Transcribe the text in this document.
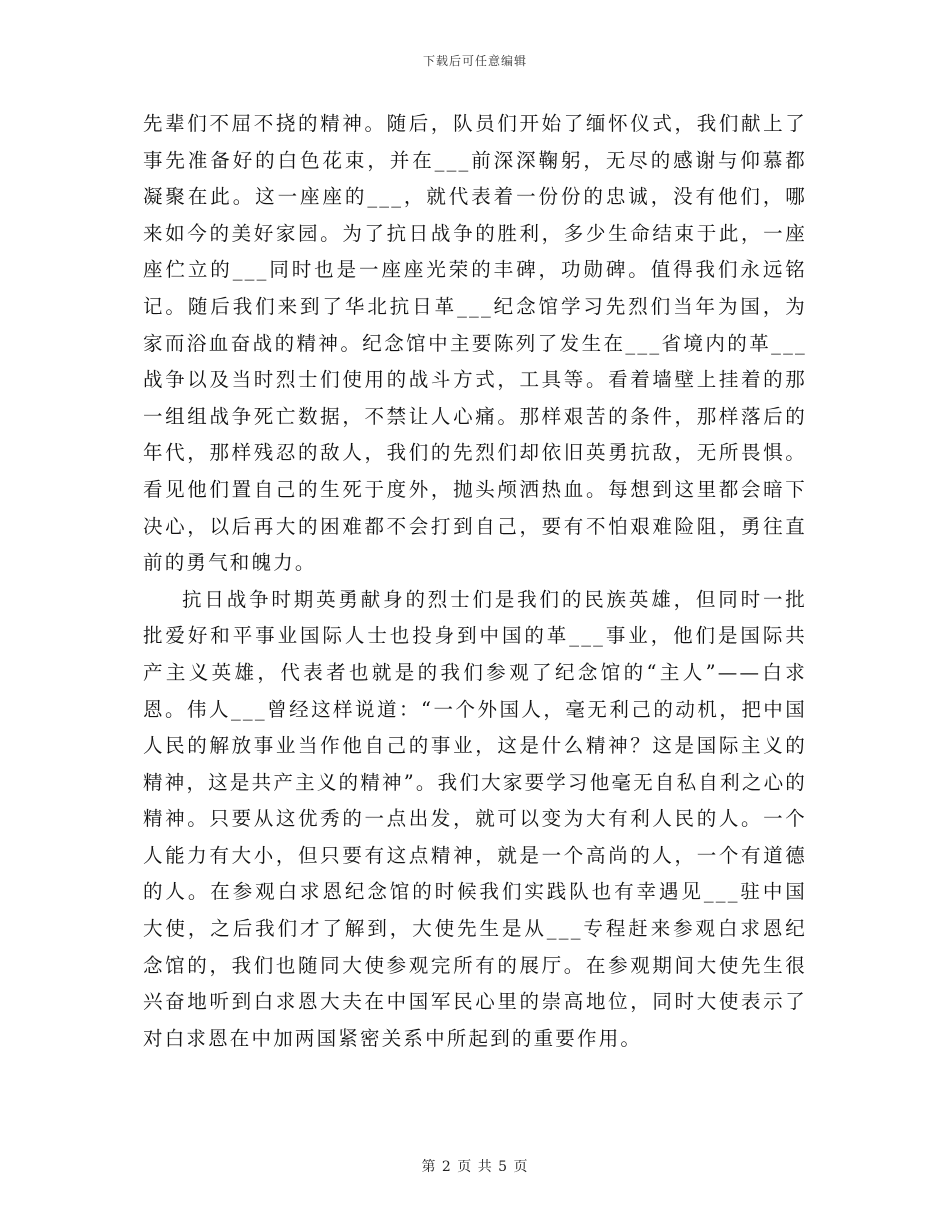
下载后可任意编辑

先辈们不屈不挠的精神。随后，队员们开始了缅怀仪式，我们献上了事先准备好的白色花束，并在___前深深鞠躬，无尽的感谢与仰慕都凝聚在此。这一座座的___，就代表着一份份的忠诚，没有他们，哪来如今的美好家园。为了抗日战争的胜利，多少生命结束于此，一座座伫立的___同时也是一座座光荣的丰碑，功勋碑。值得我们永远铭记。随后我们来到了华北抗日革___纪念馆学习先烈们当年为国，为家而浴血奋战的精神。纪念馆中主要陈列了发生在___省境内的革___战争以及当时烈士们使用的战斗方式，工具等。看着墙壁上挂着的那一组组战争死亡数据，不禁让人心痛。那样艰苦的条件，那样落后的年代，那样残忍的敌人，我们的先烈们却依旧英勇抗敌，无所畏惧。看见他们置自己的生死于度外，抛头颅洒热血。每想到这里都会暗下决心，以后再大的困难都不会打到自己，要有不怕艰难险阻，勇往直前的勇气和魄力。

抗日战争时期英勇献身的烈士们是我们的民族英雄，但同时一批批爱好和平事业国际人士也投身到中国的革___事业，他们是国际共产主义英雄，代表者也就是的我们参观了纪念馆的“主人”——白求恩。伟人___曾经这样说道：“一个外国人，毫无利己的动机，把中国人民的解放事业当作他自己的事业，这是什么精神？这是国际主义的精神，这是共产主义的精神”。我们大家要学习他毫无自私自利之心的精神。只要从这优秀的一点出发，就可以变为大有利人民的人。一个人能力有大小，但只要有这点精神，就是一个高尚的人，一个有道德的人。在参观白求恩纪念馆的时候我们实践队也有幸遇见___驻中国大使，之后我们才了解到，大使先生是从___专程赶来参观白求恩纪念馆的，我们也随同大使参观完所有的展厅。在参观期间大使先生很兴奋地听到白求恩大夫在中国军民心里的崇高地位，同时大使表示了对白求恩在中加两国紧密关系中所起到的重要作用。

第 2 页 共 5 页
